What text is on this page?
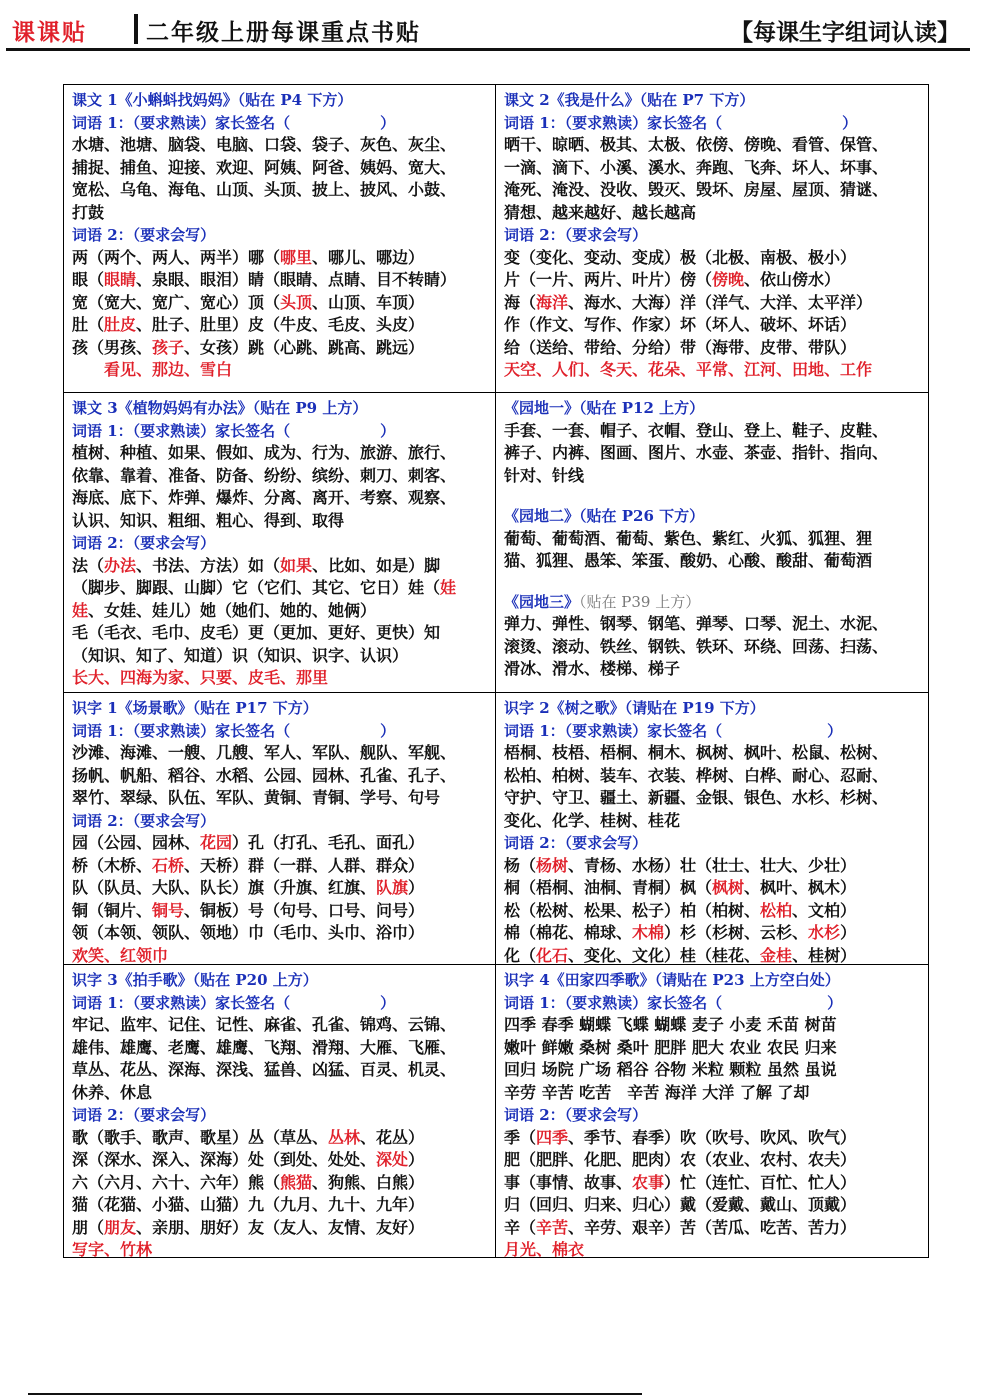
课课贴	二年级上册每课重点书贴	【每课生字组词认读】
课文 1《小蝌蚪找妈妈》（贴在 P4 下方）
词语 1：（要求熟读）家长签名（　　　　　　）
水塘、池塘、脑袋、电脑、口袋、袋子、灰色、灰尘、
捕捉、捕鱼、迎接、欢迎、阿姨、阿爸、姨妈、宽大、
宽松、乌龟、海龟、山顶、头顶、披上、披风、小鼓、
打鼓
词语 2：（要求会写）
两（两个、两人、两半）哪（哪里、哪儿、哪边）
眼（眼睛、泉眼、眼泪）睛（眼睛、点睛、目不转睛）
宽（宽大、宽广、宽心）顶（头顶、山顶、车顶）
肚（肚皮、肚子、肚里）皮（牛皮、毛皮、头皮）
孩（男孩、孩子、女孩）跳（心跳、跳高、跳远）
　　看见、那边、雪白
课文 2《我是什么》（贴在 P7 下方）
词语 1：（要求熟读）家长签名（　　　　　　　　）
晒干、晾晒、极其、太极、依傍、傍晚、看管、保管、
一滴、滴下、小溪、溪水、奔跑、飞奔、坏人、坏事、
淹死、淹没、没收、毁灭、毁坏、房屋、屋顶、猜谜、
猜想、越来越好、越长越高
词语 2：（要求会写）
变（变化、变动、变成）极（北极、南极、极小）
片（一片、两片、叶片）傍（傍晚、依山傍水）
海（海洋、海水、大海）洋（洋气、大洋、太平洋）
作（作文、写作、作家）坏（坏人、破坏、坏话）
给（送给、带给、分给）带（海带、皮带、带队）
天空、人们、冬天、花朵、平常、江河、田地、工作
课文 3《植物妈妈有办法》（贴在 P9 上方）
词语 1：（要求熟读）家长签名（　　　　　　）
植树、种植、如果、假如、成为、行为、旅游、旅行、
依靠、靠着、准备、防备、纷纷、缤纷、刺刀、刺客、
海底、底下、炸弹、爆炸、分离、离开、考察、观察、
认识、知识、粗细、粗心、得到、取得
词语 2：（要求会写）
法（办法、书法、方法）如（如果、比如、如是）脚
（脚步、脚跟、山脚）它（它们、其它、它日）娃（娃
娃、女娃、娃儿）她（她们、她的、她俩）
毛（毛衣、毛巾、皮毛）更（更加、更好、更快）知
（知识、知了、知道）识（知识、识字、认识）
长大、四海为家、只要、皮毛、那里
《园地一》（贴在 P12 上方）
手套、一套、帽子、衣帽、登山、登上、鞋子、皮鞋、
裤子、内裤、图画、图片、水壶、茶壶、指针、指向、
针对、针线
《园地二》（贴在 P26 下方）
葡萄、葡萄酒、葡萄、紫色、紫红、火狐、狐狸、狸
猫、狐狸、愚笨、笨蛋、酸奶、心酸、酸甜、葡萄酒
《园地三》（贴在 P39 上方）
弹力、弹性、钢琴、钢笔、弹琴、口琴、泥土、水泥、
滚烫、滚动、铁丝、钢铁、铁环、环绕、回荡、扫荡、
滑冰、滑水、楼梯、梯子
识字 1《场景歌》（贴在 P17 下方）
词语 1：（要求熟读）家长签名（　　　　　　）
沙滩、海滩、一艘、几艘、军人、军队、舰队、军舰、
扬帆、帆船、稻谷、水稻、公园、园林、孔雀、孔子、
翠竹、翠绿、队伍、军队、黄铜、青铜、学号、句号
词语 2：（要求会写）
园（公园、园林、花园）孔（打孔、毛孔、面孔）
桥（木桥、石桥、天桥）群（一群、人群、群众）
队（队员、大队、队长）旗（升旗、红旗、队旗）
铜（铜片、铜号、铜板）号（句号、口号、问号）
领（本领、领队、领地）巾（毛巾、头巾、浴巾）
欢笑、红领巾
识字 2《树之歌》（请贴在 P19 下方）
词语 1：（要求熟读）家长签名（　　　　　　　）
梧桐、枝梧、梧桐、桐木、枫树、枫叶、松鼠、松树、
松柏、柏树、装车、衣装、桦树、白桦、耐心、忍耐、
守护、守卫、疆土、新疆、金银、银色、水杉、杉树、
变化、化学、桂树、桂花
词语 2：（要求会写）
杨（杨树、青杨、水杨）壮（壮士、壮大、少壮）
桐（梧桐、油桐、青桐）枫（枫树、枫叶、枫木）
松（松树、松果、松子）柏（柏树、松柏、文柏）
棉（棉花、棉球、木棉）杉（杉树、云杉、水杉）
化（化石、变化、文化）桂（桂花、金桂、桂树）
识字 3《拍手歌》（贴在 P20 上方）
词语 1：（要求熟读）家长签名（　　　　　　）
牢记、监牢、记住、记性、麻雀、孔雀、锦鸡、云锦、
雄伟、雄鹰、老鹰、雄鹰、飞翔、滑翔、大雁、飞雁、
草丛、花丛、深海、深浅、猛兽、凶猛、百灵、机灵、
休养、休息
词语 2：（要求会写）
歌（歌手、歌声、歌星）丛（草丛、丛林、花丛）
深（深水、深入、深海）处（到处、处处、深处）
六（六月、六十、六年）熊（熊猫、狗熊、白熊）
猫（花猫、小猫、山猫）九（九月、九十、九年）
朋（朋友、亲朋、朋好）友（友人、友情、友好）
写字、竹林
识字 4《田家四季歌》（请贴在 P23 上方空白处）
词语 1：（要求熟读）家长签名（　　　　　　　）
四季 春季 蝴蝶 飞蝶 蝴蝶 麦子 小麦 禾苗 树苗
嫩叶 鲜嫩 桑树 桑叶 肥胖 肥大 农业 农民 归来
回归 场院 广场 稻谷 谷物 米粒 颗粒 虽然 虽说
辛劳 辛苦 吃苦　辛苦 海洋 大洋 了解 了却
词语 2：（要求会写）
季（四季、季节、春季）吹（吹号、吹风、吹气）
肥（肥胖、化肥、肥肉）农（农业、农村、农夫）
事（事情、故事、农事）忙（连忙、百忙、忙人）
归（回归、归来、归心）戴（爱戴、戴山、顶戴）
辛（辛苦、辛劳、艰辛）苦（苦瓜、吃苦、苦力）
月光、棉衣
